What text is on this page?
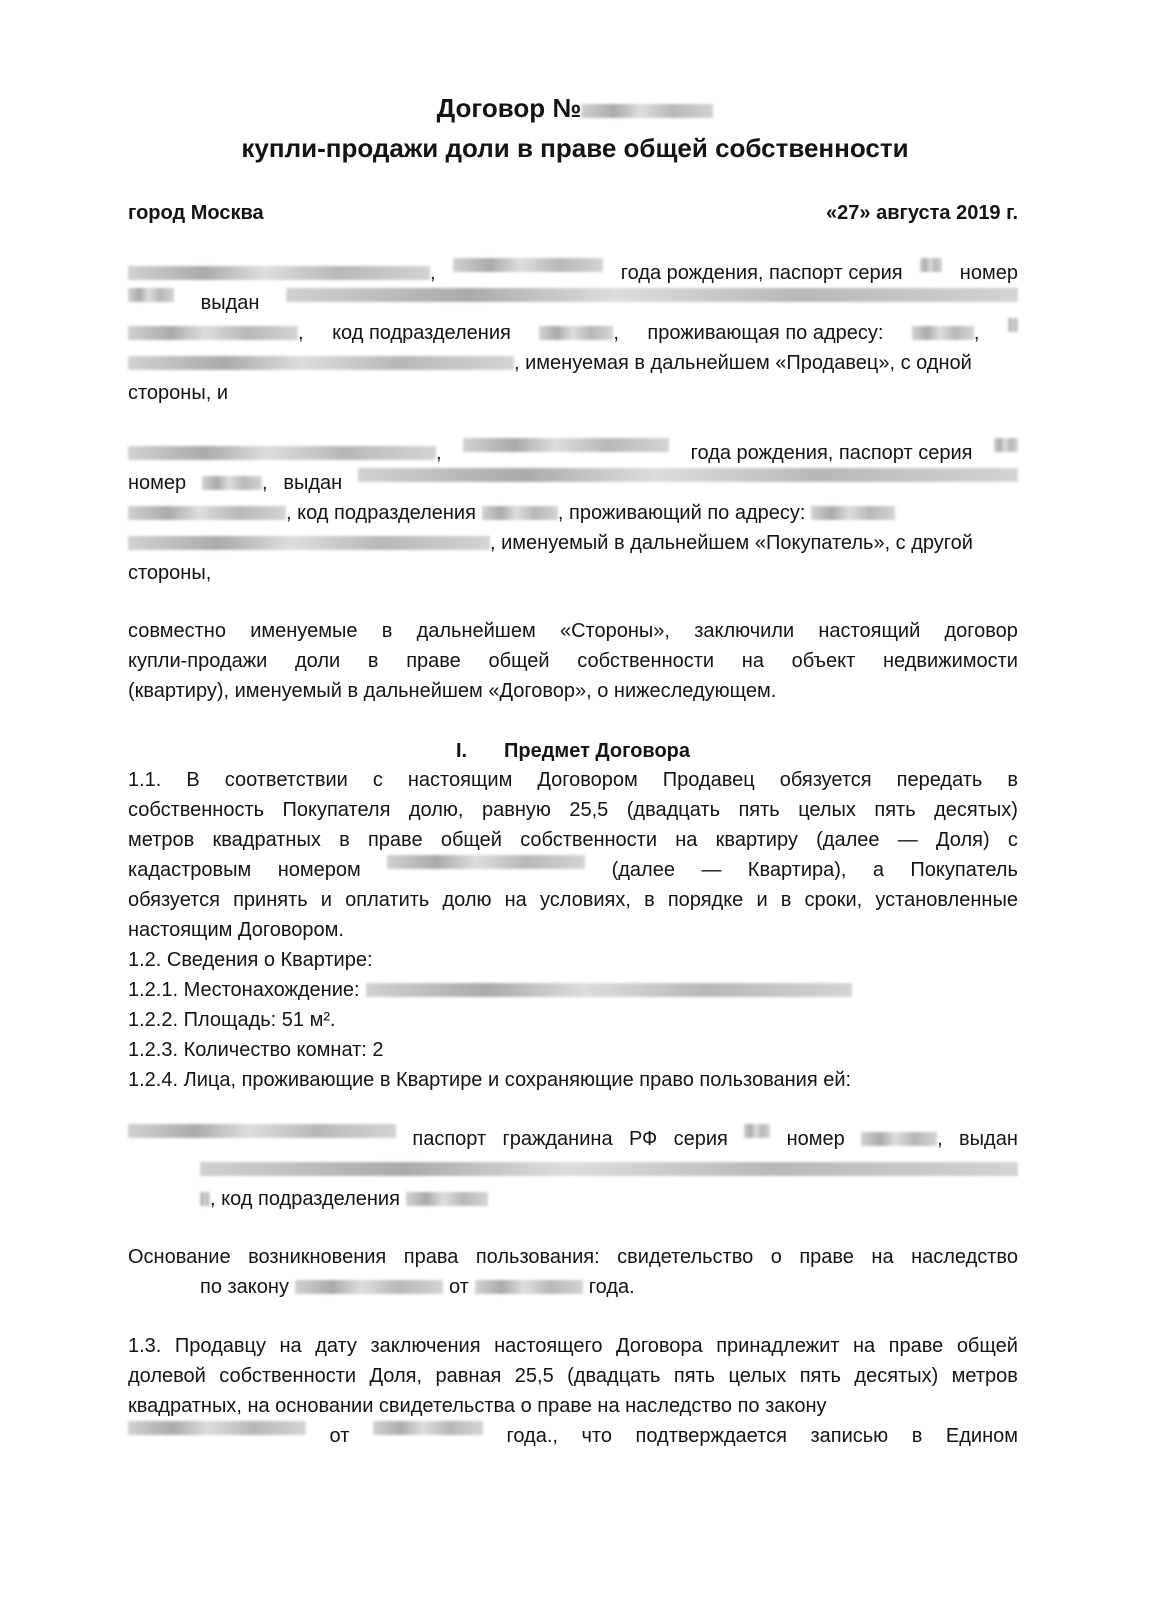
Договор №
купли-продажи доли в праве общей собственности
город Москва	«27» августа 2019 г.
,	года рождения, паспорт серия	номер
выдан
, код подразделения	, проживающая по адресу:	,
, именуемая в дальнейшем «Продавец», с одной
стороны, и
,	года рождения, паспорт серия
номер	, выдан
, код подразделения	, проживающий по адресу:
, именуемый в дальнейшем «Покупатель», с другой
стороны,
совместно именуемые в дальнейшем «Стороны», заключили настоящий договор
купли-продажи доли в праве общей собственности на объект недвижимости
(квартиру), именуемый в дальнейшем «Договор», о нижеследующем.
I.	Предмет Договора
1.1. В соответствии с настоящим Договором Продавец обязуется передать в
собственность Покупателя долю, равную 25,5 (двадцать пять целых пять десятых)
метров квадратных в праве общей собственности на квартиру (далее — Доля) с
кадастровым номером	(далее — Квартира), а Покупатель
обязуется принять и оплатить долю на условиях, в порядке и в сроки, установленные
настоящим Договором.
1.2. Сведения о Квартире:
1.2.1. Местонахождение:
1.2.2. Площадь: 51 м².
1.2.3. Количество комнат: 2
1.2.4. Лица, проживающие в Квартире и сохраняющие право пользования ей:
паспорт гражданина РФ серия	номер	, выдан
, код подразделения
Основание возникновения права пользования: свидетельство о праве на наследство
по закону	от	года.
1.3. Продавцу на дату заключения настоящего Договора принадлежит на праве общей
долевой собственности Доля, равная 25,5 (двадцать пять целых пять десятых) метров
квадратных, на основании свидетельства о праве на наследство по закону
от	года., что подтверждается записью в Едином
